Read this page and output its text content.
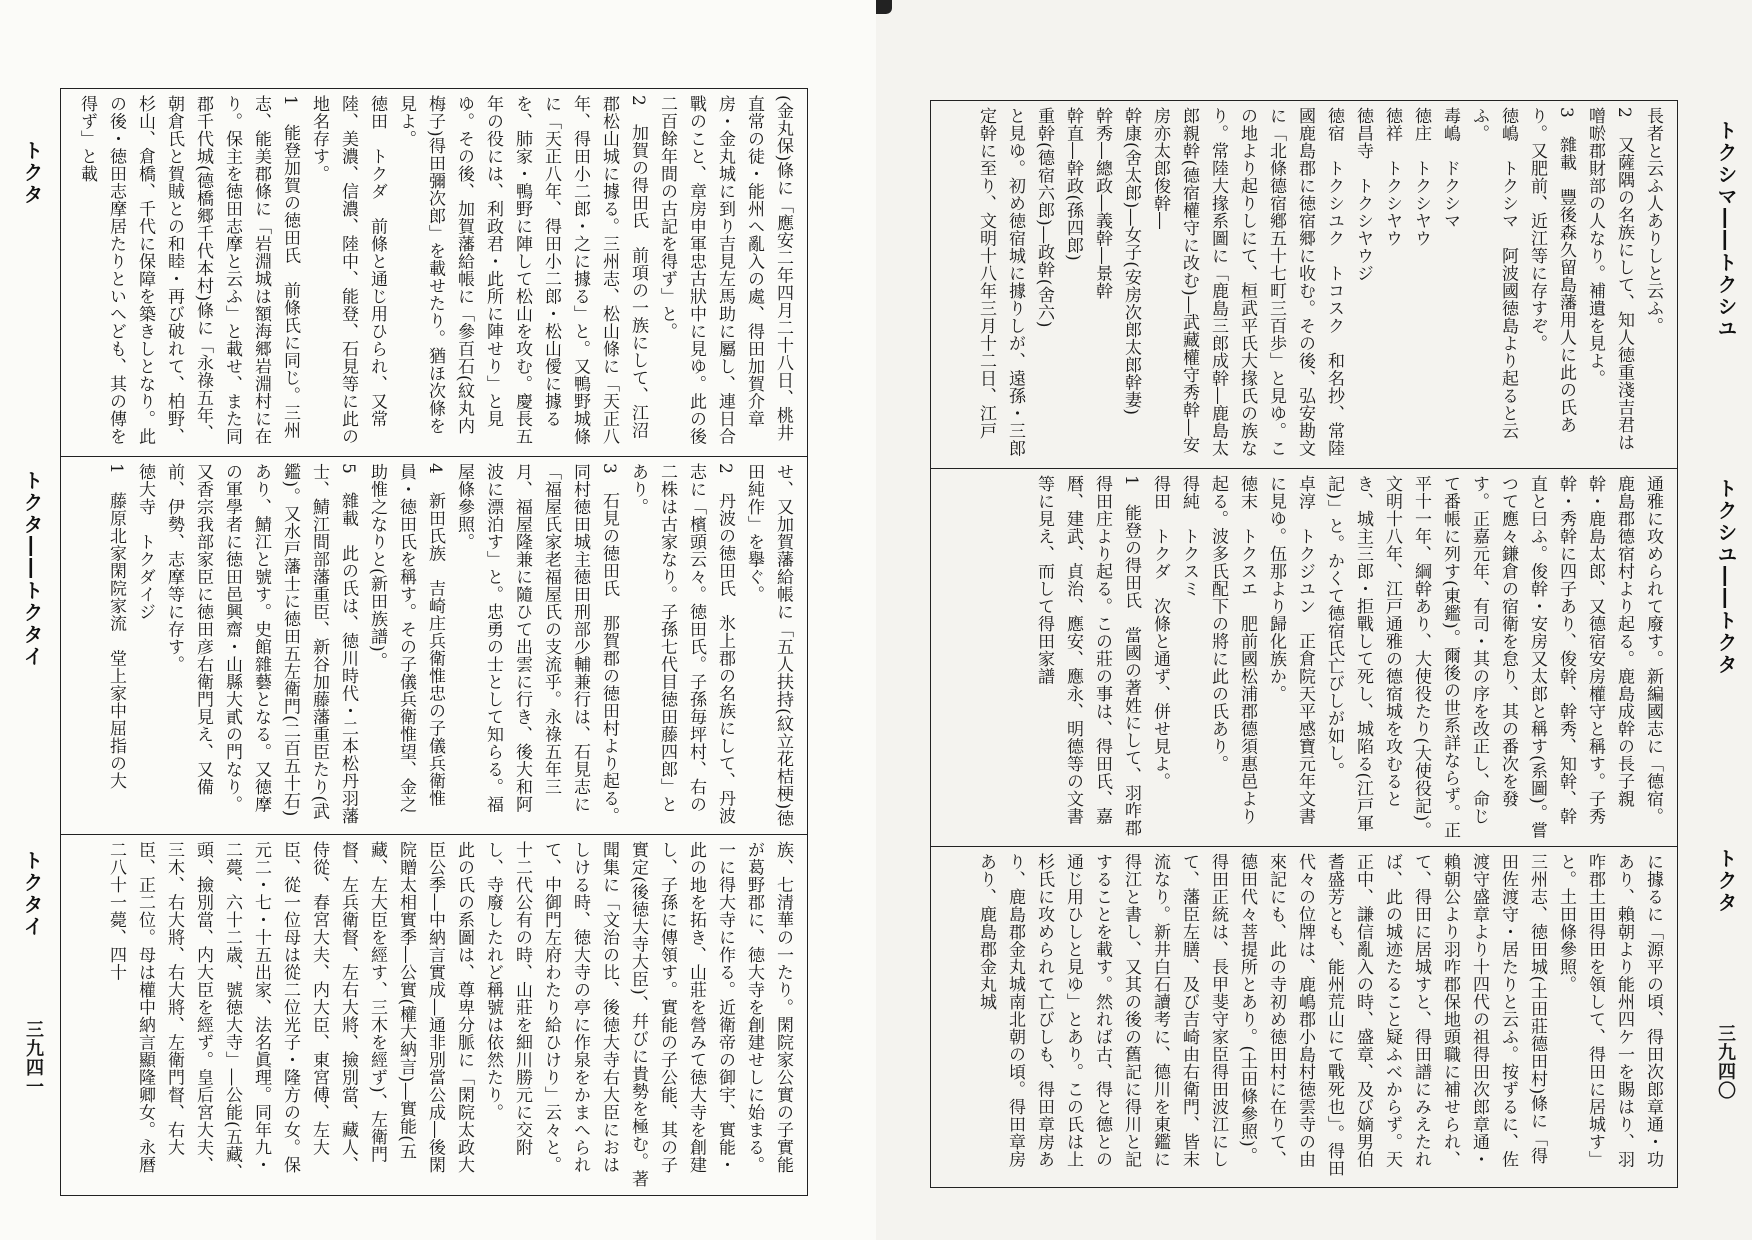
トクタ
トクタ――トクタイ
トクタイ
三九四一
(金丸保)條に「應安二年四月二十八日、桃井直常の徒・能州へ亂入の處、得田加賀介章房・金丸城に到り吉見左馬助に屬し、連日合戰のこと、章房申軍忠古狀中に見ゆ。此の後二百餘年間の古記を得ず」と。
2　加賀の得田氏　前項の一族にして、江沼郡松山城に據る。三州志、松山條に「天正八年、得田小二郎・之に據る」と。又鴨野城條に「天正八年、得田小二郎・松山僾に據るを、肺家・鴨野に陣して松山を攻む。慶長五年の役には、利政君・此所に陣せり」と見ゆ。その後、加賀藩給帳に「參百石(紋丸内梅子)得田彌次郎」を載せたり。猶ほ次條を見よ。
徳田　トクダ　前條と通じ用ひられ、又常陸、美濃、信濃、陸中、能登、石見等に此の地名存す。
1　能登加賀の徳田氏　前條氏に同じ。三州志、能美郡條に「岩淵城は額海郷岩淵村に在り。保主を徳田志摩と云ふ」と載せ、また同郡千代城(德橋郷千代本村)條に「永祿五年、朝倉氏と賀賊との和睦・再び破れて、柏野、杉山、倉橋、千代に保障を築きしとなり。此の後・徳田志摩居たりといへども、其の傳を得ず」と載
せ、又加賀藩給帳に「五人扶持(紋立花桔梗)徳田純作」を擧ぐ。
2　丹波の徳田氏　氷上郡の名族にして、丹波志に「檳頭云々。徳田氏。子孫毎坪村、右の二株は古家なり。子孫七代目徳田藤四郎」とあり。
3　石見の徳田氏　那賀郡の徳田村より起る。同村徳田城主徳田刑部少輔兼行は、石見志に「福屋氏家老福屋氏の支流乎。永祿五年三月、福屋隆兼に隨ひて出雲に行き、後大和阿波に漂泊す」と。忠勇の士として知らる。福屋條參照。
4　新田氏族　吉崎庄兵衛惟忠の子儀兵衛惟員・徳田氏を稱す。その子儀兵衛惟望、金之助惟之なりと(新田族譜)。
5　雜載　此の氏は、徳川時代・二本松丹羽藩士、鯖江間部藩重臣、新谷加藤藩重臣たり(武鑑)。又水戸藩士に徳田五左衛門(二百五十石)あり、鯖江と號す。史館雜藝となる。又徳摩の軍學者に徳田邑興齋・山縣大貳の門なり。又香宗我部家臣に徳田彦右衛門見え、又備前、伊勢、志摩等に存す。
徳大寺　トクダイジ
1　藤原北家閑院家流　堂上家中屈指の大
族、七清華の一たり。閑院家公實の子實能が葛野郡に、徳大寺を創建せしに始まる。一に得大寺に作る。近衛帝の御宇、實能・此の地を拓き、山莊を營みて徳大寺を創建し、子孫に傳領す。實能の子公能、其の子實定(後徳大寺大臣)、幷びに貴勢を極む。著聞集に「文治の比、後徳大寺右大臣におはしける時、徳大寺の亭に作泉をかまへられて、中御門左府わたり給ひけり」云々と。十二代公有の時、山莊を細川勝元に交附し、寺廢したれど稱號は依然たり。
此の氏の系圖は、尊卑分脈に「閑院太政大臣公季―中納言實成―通非別當公成―後閑院贈太相實季―公實(權大納言)―實能(五藏、左大臣を經す、三木を經ず)、左衛門督、左兵衛督、左右大將、撿別當、藏人、侍從、春宮大夫、内大臣、東宮傅、左大臣、從一位母は從二位光子・隆方の女。保元二・七・十五出家、法名眞理。同年九・二薨、六十二歳、號徳大寺」―公能(五藏、頭、撿別當、内大臣を經ず。皇后宮大夫、三木、右大將、右大將、左衛門督、右大臣、正二位。母は權中納言顯隆卿女。永曆二八十一薨、四十
トクシマ――トクシユ
トクシユ――トクタ
トクタ
三九四〇
長者と云ふ人ありしと云ふ。
2　又薩隅の名族にして、知人徳重淺吉君は噌唹郡財部の人なり。補遺を見よ。
3　雜載　豐後森久留島藩用人に此の氏あり。又肥前、近江等に存すぞ。
徳嶋　トクシマ　阿波國徳島より起ると云ふ。
毒嶋　ドクシマ
徳庄　トクシヤウ
徳祥　トクシヤウ
徳昌寺　トクシヤウジ
徳宿　トクシユク　トコスク　和名抄、常陸國鹿島郡に徳宿郷に收む。その後、弘安勘文に「北條德宿鄕五十七町三百歩」と見ゆ。この地より起りしにて、桓武平氏大掾氏の族なり。常陸大掾系圖に「鹿島三郎成幹―鹿島太郎親幹(德宿權守に改む)―武藏權守秀幹―安房亦太郎俊幹―
幹康(舍太郎)―女子(安房次郎太郎幹妻)
幹秀―總政―義幹―景幹
幹直―幹政(孫四郎)
重幹(德宿六郎)―政幹(舍六)
と見ゆ。初め徳宿城に據りしが、遠孫・三郎定幹に至り、文明十八年三月十二日、江戸
通雅に攻められて廢す。新編國志に「德宿。鹿島郡德宿村より起る。鹿島成幹の長子親幹・鹿島太郎、又德宿安房權守と稱す。子秀幹・秀幹に四子あり、俊幹、幹秀、知幹、幹直と曰ふ。俊幹・安房又太郎と稱す(系圖)。嘗つて應々鎌倉の宿衛を怠り、其の番次を發す。正嘉元年、有司・其の序を改正し、命じて番帳に列す(東鑑)。爾後の世系詳ならず。正平十一年、綱幹あり、大使役たり(大使役記)。文明十八年、江戸通雅の德宿城を攻むるとき、城主三郎・拒戰して死し、城陷る(江戸軍記)」と。かくて德宿氏亡びしが如し。
卓淳　トクジユン　正倉院天平感寶元年文書に見ゆ。伍那より歸化族か。
徳末　トクスエ　肥前國松浦郡德須惠邑より起る。波多氏配下の將に此の氏あり。
得純　トクスミ
得田　トクダ　次條と通ず、併せ見よ。
1　能登の得田氏　當國の著姓にして、羽咋郡得田庄より起る。この莊の事は、得田氏、嘉暦、建武、貞治、應安、應永、明德等の文書等に見え、而して得田家譜
に據るに「源平の頃、得田次郎章通・功あり、賴朝より能州四ケ一を賜はり、羽咋郡土田得田を領して、得田に居城す」と。土田條參照。
三州志、徳田城(土田莊德田村)條に「得田佐渡守・居たりと云ふ。按ずるに、佐渡守盛章より十四代の祖得田次郎章通・賴朝公より羽咋郡保地頭職に補せられ、て、得田に居城すと、得田譜にみえたれば、此の城迹たること疑ふべからず。天正中、謙信亂入の時、盛章、及び嫡男伯耆盛芳とも、能州荒山にて戰死也」。得田代々の位牌は、鹿嶋郡小島村徳雲寺の由來記にも、此の寺初め徳田村に在りて、德田代々菩提所とあり。(土田條參照)。
得田正統は、長甲斐守家臣得田波江にして、藩臣左膳、及び吉崎由右衛門、皆末流なり。新井白石讀考に、德川を東鑑に得江と書し、又其の後の舊記に得川と記することを載す。然れば古、得と德との通じ用ひしと見ゆ」とあり。この氏は上杉氏に攻められて亡びしも、得田章房あり、鹿島郡金丸城南北朝の頃。得田章房あり、鹿島郡金丸城
